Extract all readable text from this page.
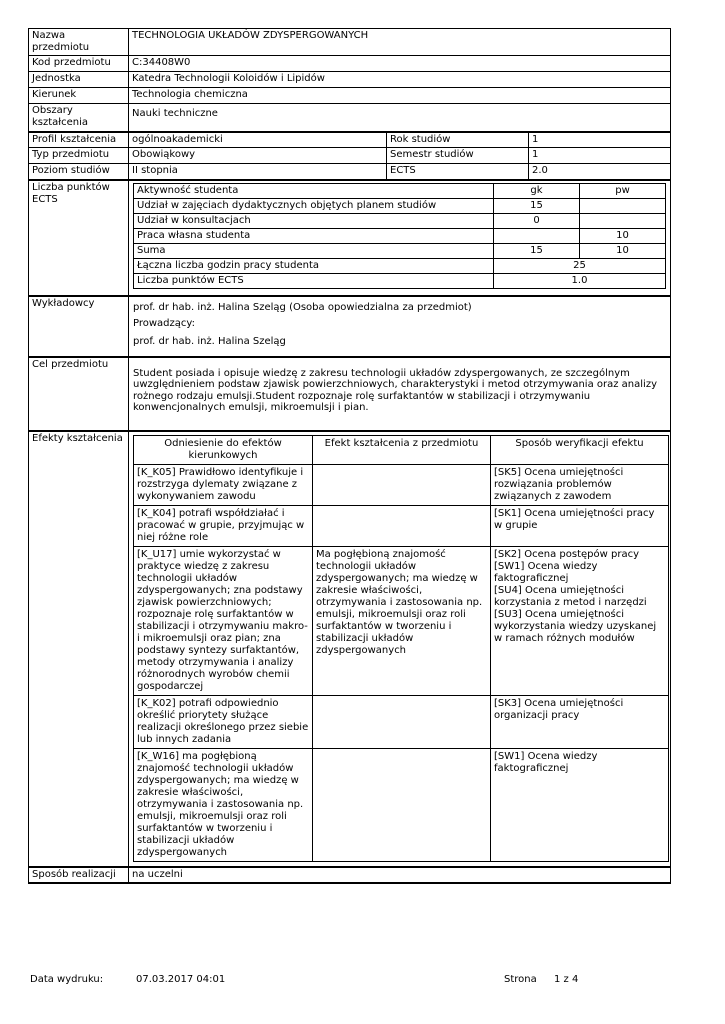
Nazwa przedmiotu	TECHNOLOGIA UKŁADÓW ZDYSPERGOWANYCH
Kod przedmiotu	C:34408W0
Jednostka	Katedra Technologii Koloidów i Lipidów
Kierunek	Technologia chemiczna
Obszary kształcenia	Nauki techniczne
Profil kształcenia	ogólnoakademicki	Rok studiów	1
Typ przedmiotu	Obowiąkowy	Semestr studiów	1
Poziom studiów	II stopnia	ECTS	2.0
Liczba punktów ECTS	
Aktywność studenta	gk	pw
Udział w zajęciach dydaktycznych objętych planem studiów	15	
Udział w konsultacjach	0	
Praca własna studenta		10
Suma	15	10
Łączna liczba godzin pracy studenta	25
Liczba punktów ECTS	1.0

Wykładowcy	prof. dr hab. inż. Halina Szeląg (Osoba opowiedzialna za przedmiot)
Prowadzący:
prof. dr hab. inż. Halina Szeląg

Cel przedmiotu	Student posiada i opisuje wiedzę z zakresu technologii układów zdyspergowanych, ze szczególnym uwzględnieniem podstaw zjawisk powierzchniowych, charakterystyki i metod otrzymywania oraz analizy rożnego rodzaju emulsji.Student rozpoznaje rolę surfaktantów w stabilizacji i otrzymywaniu konwencjonalnych emulsji, mikroemulsji i pian.
Efekty kształcenia		Odniesienie do efektów kierunkowych	Efekt kształcenia z przedmiotu	Sposób weryfikacji efektu
[K_K05] Prawidłowo identyfikuje i rozstrzyga dylematy związane z wykonywaniem zawodu		[SK5] Ocena umiejętności rozwiązania problemów związanych z zawodem
[K_K04] potrafi współdziałać i pracować w grupie, przyjmując w niej różne role		[SK1] Ocena umiejętności pracy w grupie
[K_U17] umie wykorzystać w praktyce wiedzę z zakresu technologii układów zdyspergowanych; zna podstawy zjawisk powierzchniowych; rozpoznaje rolę surfaktantów w stabilizacji i otrzymywaniu makro- i mikroemulsji oraz pian; zna podstawy syntezy surfaktantów, metody otrzymywania i analizy różnorodnych wyrobów chemii gospodarczej	Ma pogłębioną znajomość technologii układów zdyspergowanych; ma wiedzę w zakresie właściwości, otrzymywania i zastosowania np. emulsji, mikroemulsji oraz roli surfaktantów w tworzeniu i stabilizacji układów zdyspergowanych	[SK2] Ocena postępów pracy
[SW1] Ocena wiedzy faktograficznej
[SU4] Ocena umiejętności korzystania z metod i narzędzi
[SU3] Ocena umiejętności wykorzystania wiedzy uzyskanej w ramach różnych modułów
[K_K02] potrafi odpowiednio określić priorytety służące realizacji określonego przez siebie lub innych zadania		[SK3] Ocena umiejętności organizacji pracy
[K_W16] ma pogłębioną znajomość technologii układów zdyspergowanych; ma wiedzę w zakresie właściwości, otrzymywania i zastosowania np. emulsji, mikroemulsji oraz roli surfaktantów w tworzeniu i stabilizacji układów zdyspergowanych		[SW1] Ocena wiedzy faktograficznej

Sposób realizacji	na uczelni
Data wydruku:	07.03.2017 04:01	Strona 1 z 4
